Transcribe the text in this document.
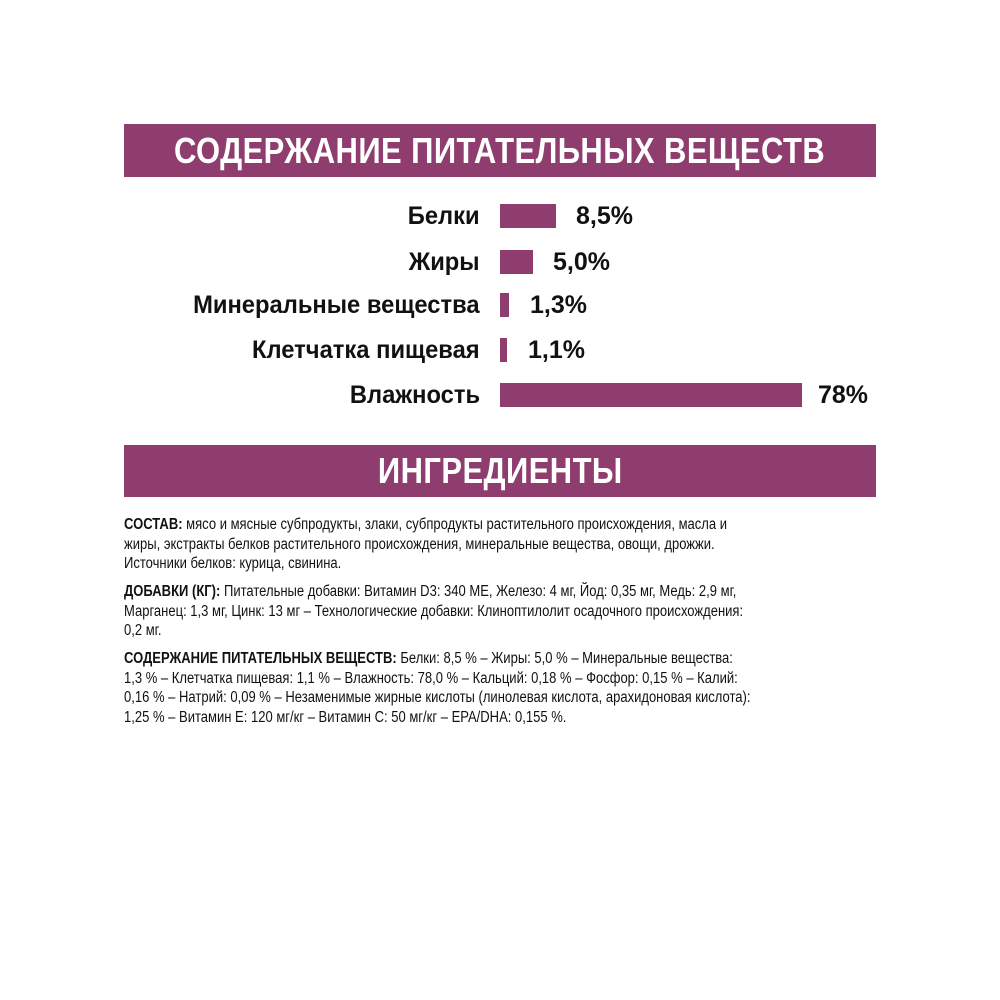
СОДЕРЖАНИЕ ПИТАТЕЛЬНЫХ ВЕЩЕСТВ
Белки	8,5%
Жиры	5,0%
Минеральные вещества 1,3%
Клетчатка пищевая 1,1%
Влажность	78%
ИНГРЕДИЕНТЫ
СОСТАВ: мясо и мясные субпродукты, злаки, субпродукты растительного происхождения, масла и
жиры, экстракты белков растительного происхождения, минеральные вещества, овощи, дрожжи.
Источники белков: курица, свинина.
ДОБАВКИ (КГ): Питательные добавки: Витамин D3: 340 МЕ, Железо: 4 мг, Йод: 0,35 мг, Медь: 2,9 мг,
Марганец: 1,3 мг, Цинк: 13 мг – Технологические добавки: Клиноптилолит осадочного происхождения:
0,2 мг.
СОДЕРЖАНИЕ ПИТАТЕЛЬНЫХ ВЕЩЕСТВ: Белки: 8,5 % – Жиры: 5,0 % – Минеральные вещества:
1,3 % – Клетчатка пищевая: 1,1 % – Влажность: 78,0 % – Кальций: 0,18 % – Фосфор: 0,15 % – Калий:
0,16 % – Натрий: 0,09 % – Незаменимые жирные кислоты (линолевая кислота, арахидоновая кислота):
1,25 % – Витамин Е: 120 мг/кг – Витамин С: 50 мг/кг – EPA/DHA: 0,155 %.
